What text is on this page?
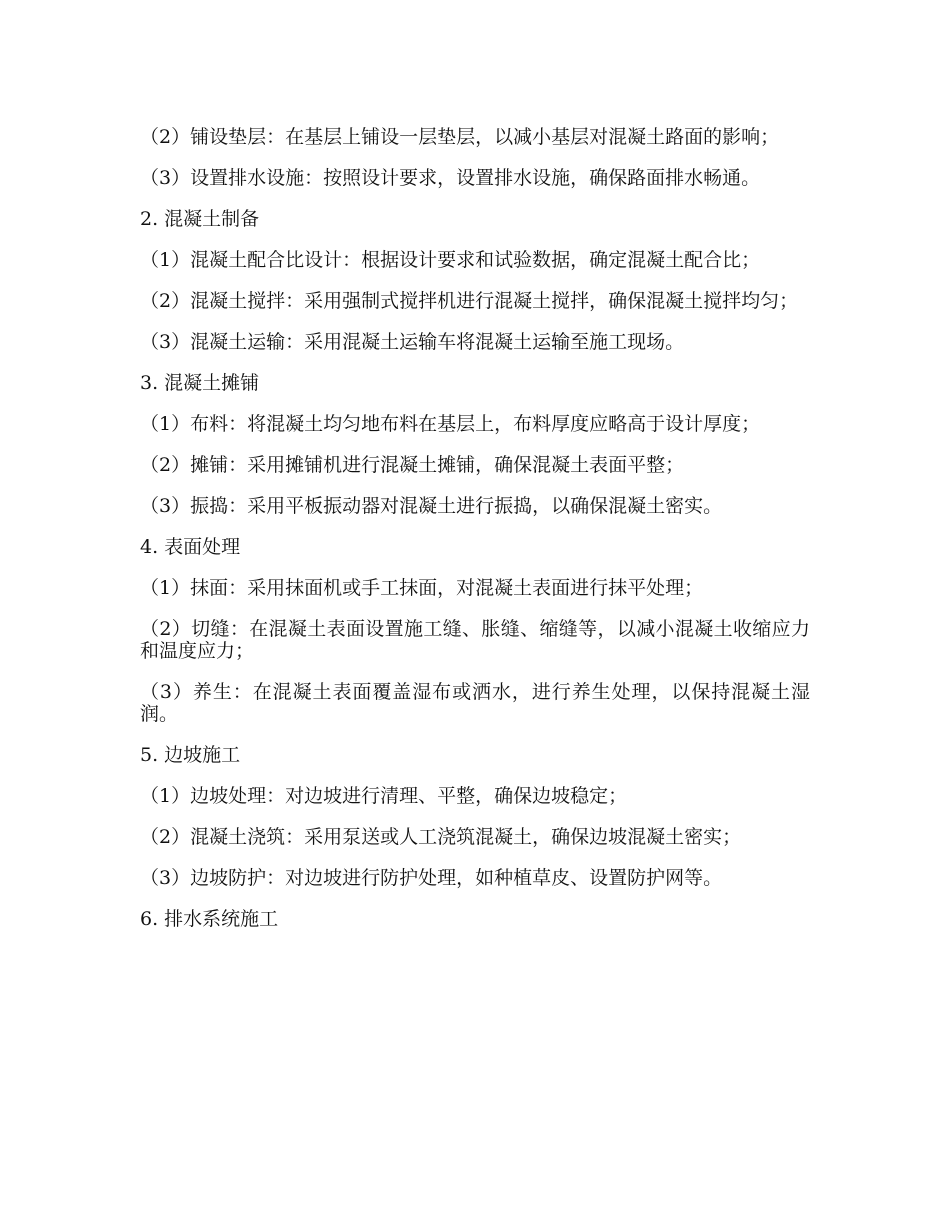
（2）铺设垫层：在基层上铺设一层垫层，以减小基层对混凝土路面的影响；

（3）设置排水设施：按照设计要求，设置排水设施，确保路面排水畅通。

2. 混凝土制备

（1）混凝土配合比设计：根据设计要求和试验数据，确定混凝土配合比；

（2）混凝土搅拌：采用强制式搅拌机进行混凝土搅拌，确保混凝土搅拌均匀；

（3）混凝土运输：采用混凝土运输车将混凝土运输至施工现场。

3. 混凝土摊铺

（1）布料：将混凝土均匀地布料在基层上，布料厚度应略高于设计厚度；

（2）摊铺：采用摊铺机进行混凝土摊铺，确保混凝土表面平整；

（3）振捣：采用平板振动器对混凝土进行振捣，以确保混凝土密实。

4. 表面处理

（1）抹面：采用抹面机或手工抹面，对混凝土表面进行抹平处理；

（2）切缝：在混凝土表面设置施工缝、胀缝、缩缝等，以减小混凝土收缩应力和温度应力；

（3）养生：在混凝土表面覆盖湿布或洒水，进行养生处理，以保持混凝土湿润。

5. 边坡施工

（1）边坡处理：对边坡进行清理、平整，确保边坡稳定；

（2）混凝土浇筑：采用泵送或人工浇筑混凝土，确保边坡混凝土密实；

（3）边坡防护：对边坡进行防护处理，如种植草皮、设置防护网等。

6. 排水系统施工
